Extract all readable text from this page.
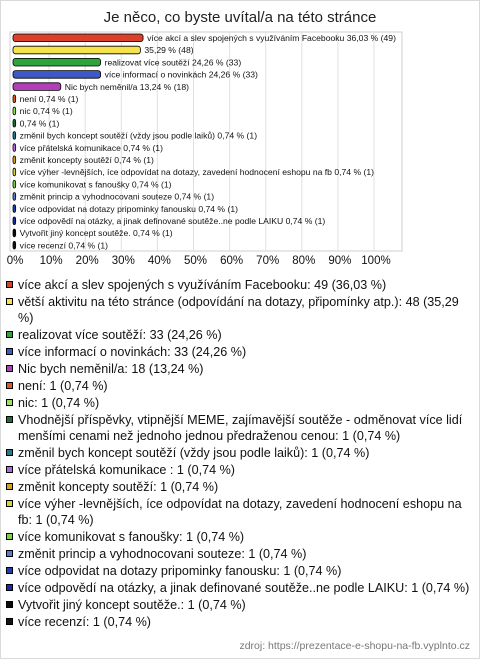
Je něco, co byste uvítal/a na této stránce
více akcí a slev spojených s využíváním Facebooku 36,03 % (49)
35,29 % (48)
realizovat více soutěží 24,26 % (33)
více informací o novinkách 24,26 % (33)
Nic bych neměnil/a 13,24 % (18)
není 0,74 % (1)
nic 0,74 % (1)
0,74 % (1)
změnil bych koncept soutěží (vždy jsou podle laiků) 0,74 % (1)
více přátelská komunikace 0,74 % (1)
změnit koncepty soutěží 0,74 % (1)
více výher -levnějších, íce odpovídat na dotazy, zavedení hodnocení eshopu na fb 0,74 % (1)
více komunikovat s fanoušky 0,74 % (1)
změnit princip a vyhodnocovani souteze 0,74 % (1)
více odpovidat na dotazy pripominky fanousku 0,74 % (1)
více odpovědí na otázky, a jinak definované soutěže..ne podle LAIKU 0,74 % (1)
Vytvořit jiný koncept soutěže. 0,74 % (1)
více recenzí 0,74 % (1)
0% 10% 20% 30% 40% 50% 60% 70% 80% 90% 100%
více akcí a slev spojených s využíváním Facebooku: 49 (36,03 %)
větší aktivitu na této stránce (odpovídání na dotazy, připomínky atp.): 48 (35,29 %)
realizovat více soutěží: 33 (24,26 %)
více informací o novinkách: 33 (24,26 %)
Nic bych neměnil/a: 18 (13,24 %)
není: 1 (0,74 %)
nic: 1 (0,74 %)
Vhodnější příspěvky, vtipnější MEME, zajímavější soutěže - odměnovat více lidí menšími cenami než jednoho jednou předraženou cenou: 1 (0,74 %)
změnil bych koncept soutěží (vždy jsou podle laiků): 1 (0,74 %)
více přátelská komunikace : 1 (0,74 %)
změnit koncepty soutěží: 1 (0,74 %)
více výher -levnějších, íce odpovídat na dotazy, zavedení hodnocení eshopu na fb: 1 (0,74 %)
více komunikovat s fanoušky: 1 (0,74 %)
změnit princip a vyhodnocovani souteze: 1 (0,74 %)
více odpovidat na dotazy pripominky fanousku: 1 (0,74 %)
více odpovědí na otázky, a jinak definované soutěže..ne podle LAIKU: 1 (0,74 %)
Vytvořit jiný koncept soutěže.: 1 (0,74 %)
více recenzí: 1 (0,74 %)
zdroj: https://prezentace-e-shopu-na-fb.vyplnto.cz
